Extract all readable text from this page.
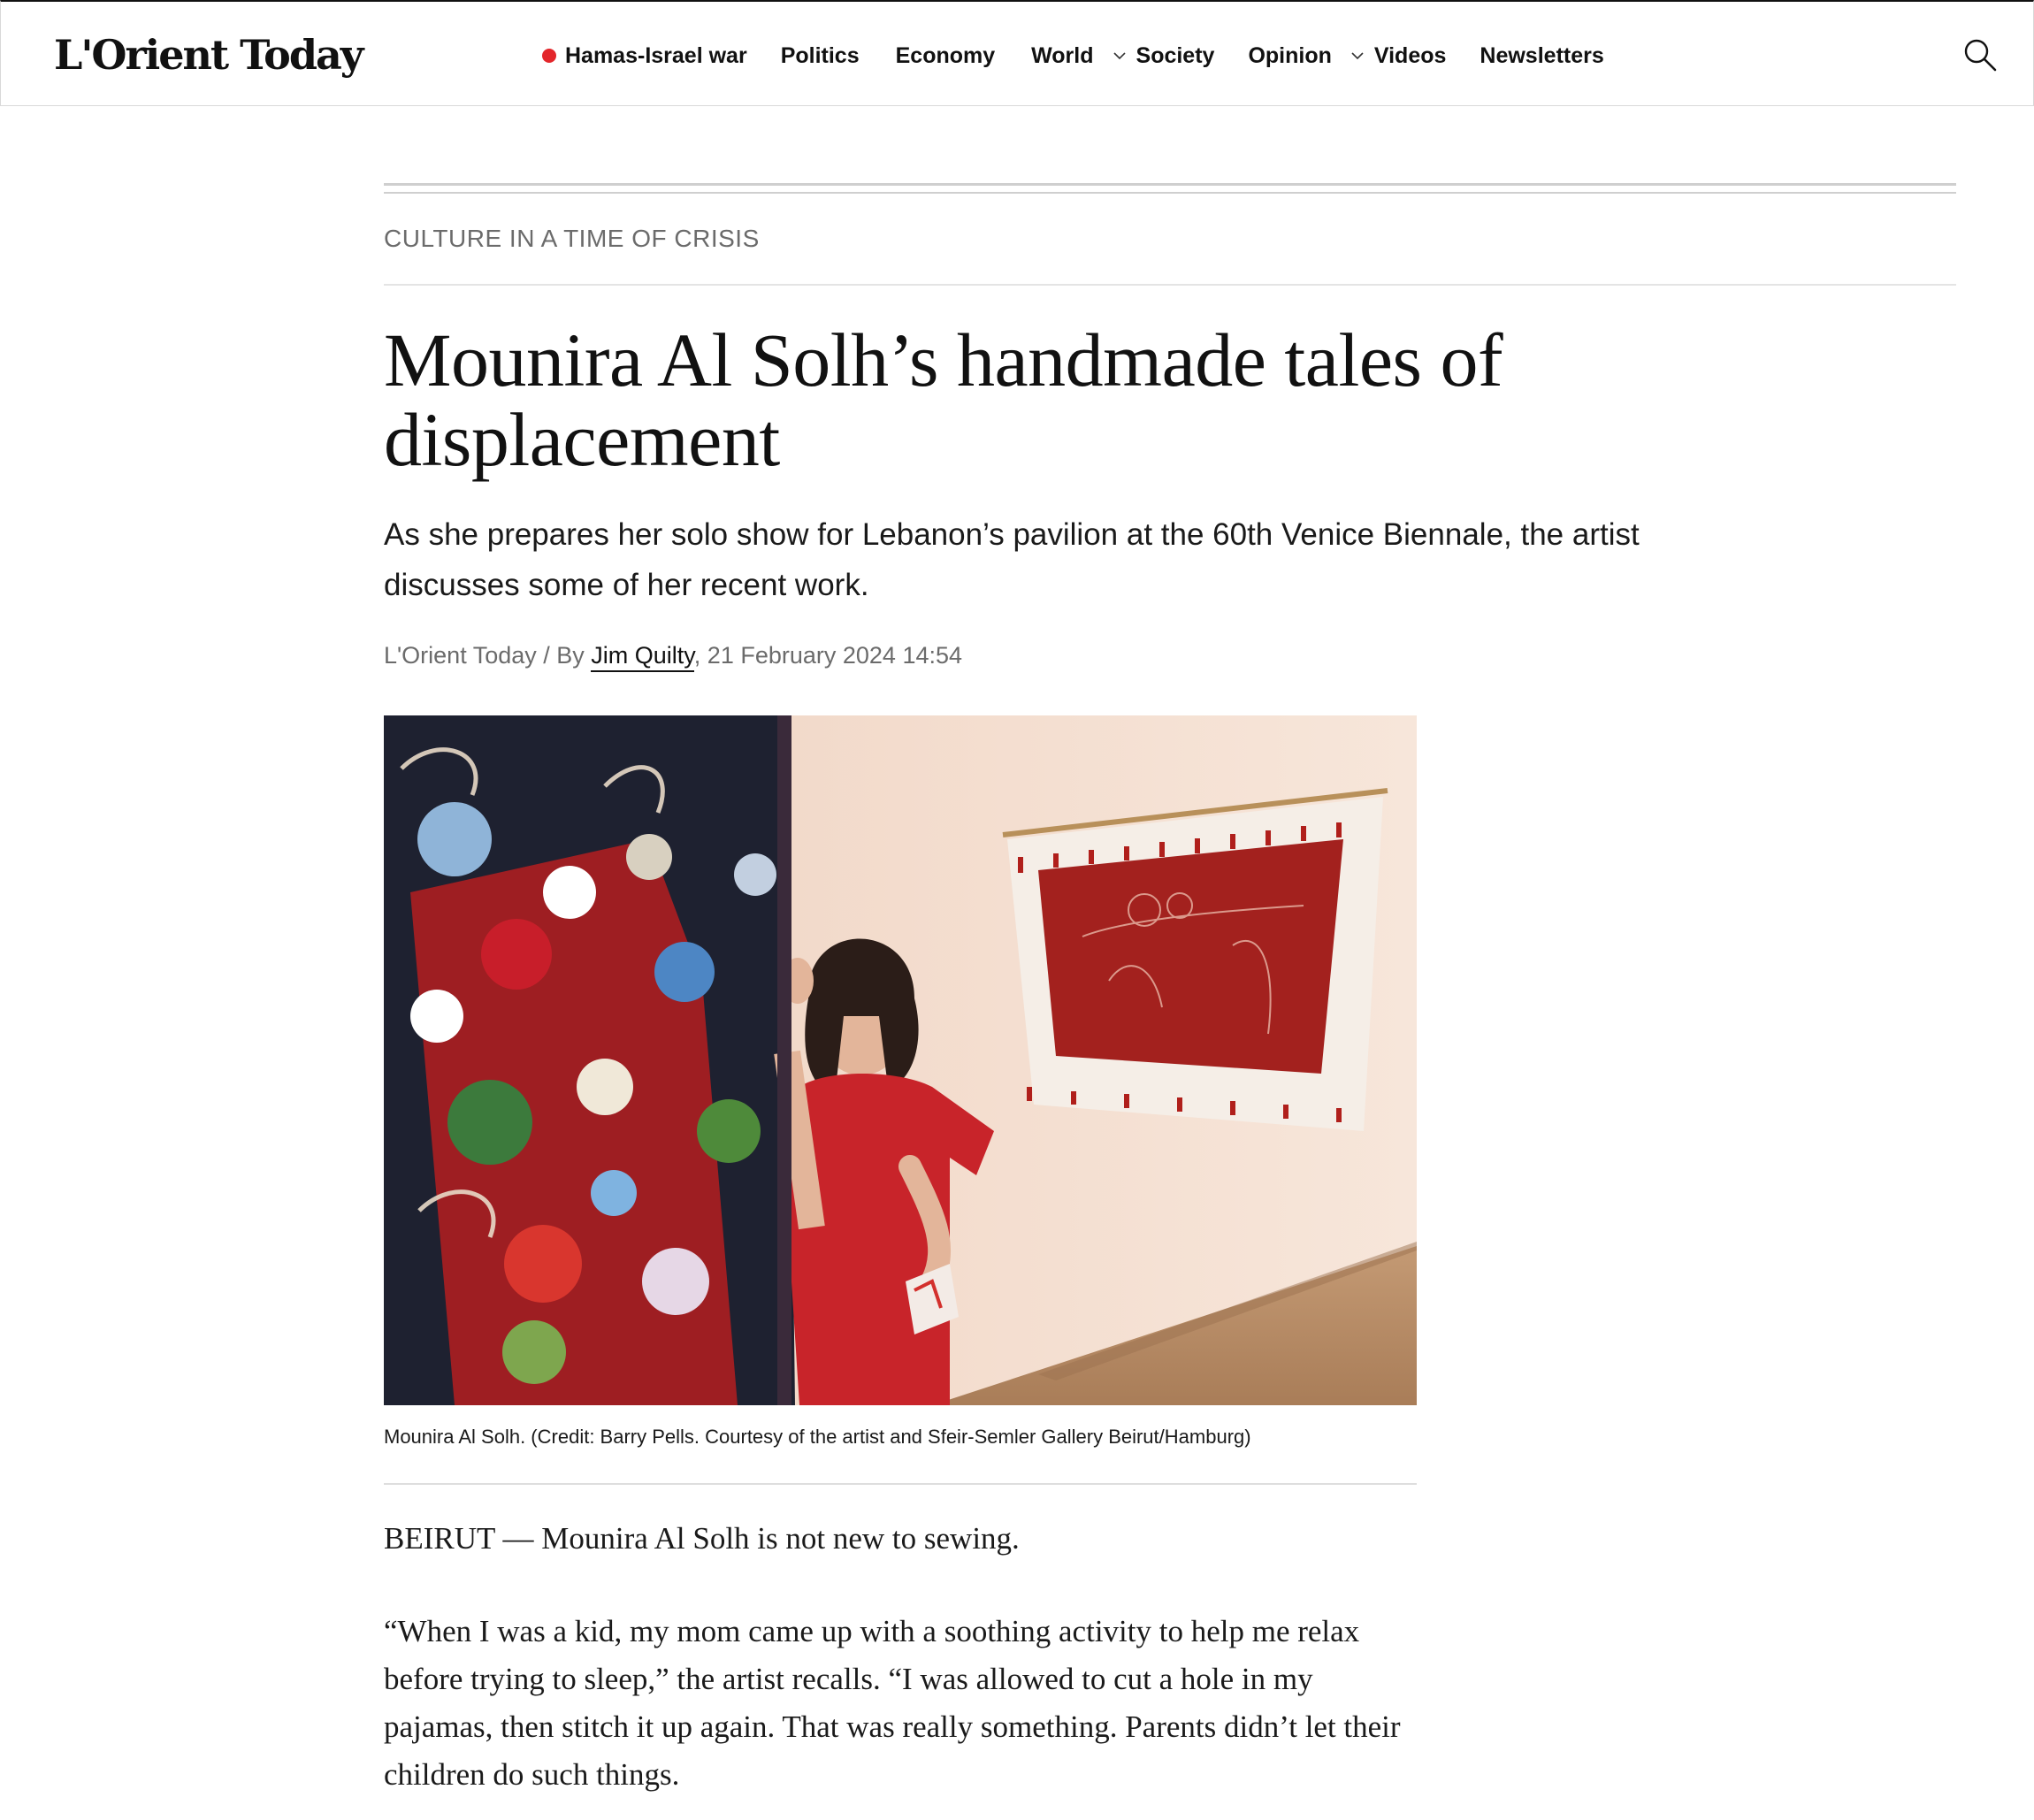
L'Orient Today	Hamas-Israel war Politics Economy World Society Opinion Videos Newsletters
CULTURE IN A TIME OF CRISIS
Mounira Al Solh’s handmade tales of displacement

As she prepares her solo show for Lebanon’s pavilion at the 60th Venice Biennale, the artist discusses some of her recent work.

L'Orient Today / By Jim Quilty, 21 February 2024 14:54
Mounira Al Solh. (Credit: Barry Pells. Courtesy of the artist and Sfeir-Semler Gallery Beirut/Hamburg)

BEIRUT — Mounira Al Solh is not new to sewing.

“When I was a kid, my mom came up with a soothing activity to help me relax before trying to sleep,” the artist recalls. “I was allowed to cut a hole in my pajamas, then stitch it up again. That was really something. Parents didn’t let their children do such things.
